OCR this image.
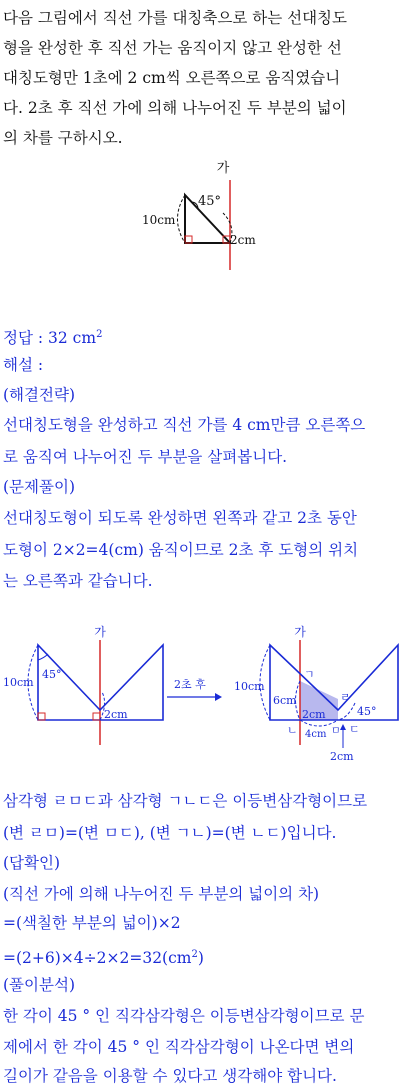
다음 그림에서 직선 가를 대칭축으로 하는 선대칭도
형을 완성한 후 직선 가는 움직이지 않고 완성한 선
대칭도형만 1초에 2 cm씩 오른쪽으로 움직였습니
다. 2초 후 직선 가에 의해 나누어진 두 부분의 넓이
의 차를 구하시오.
가
45°
10cm
2cm
정답 : 32 $cm^2$
해설 :
(해결전략)
선대칭도형을 완성하고 직선 가를 4 cm만큼 오른쪽으
로 움직여 나누어진 두 부분을 살펴봅니다.
(문제풀이)
선대칭도형이 되도록 완성하면 왼쪽과 같고 2초 동안
도형이 2×2=4(cm) 움직이므로 2초 후 도형의 위치
는 오른쪽과 같습니다.
가
10cm
45°
2cm
2초 후
가
10cm
6cm
2cm
4cm
45°
2cm
ㄱ
ㄹ
ㄴ	ㅁ ㄷ
삼각형 ㄹㅁㄷ과 삼각형 ㄱㄴㄷ은 이등변삼각형이므로
(변 ㄹㅁ)=(변 ㅁㄷ), (변 ㄱㄴ)=(변 ㄴㄷ)입니다.
(답확인)
(직선 가에 의해 나누어진 두 부분의 넓이의 차)
=(색칠한 부분의 넓이)×2
$=(2+6)\times 4\div 2\times 2=32(cm^2)$
(풀이분석)
한 각이 45 ° 인 직각삼각형은 이등변삼각형이므로 문
제에서 한 각이 45 ° 인 직각삼각형이 나온다면 변의
길이가 같음을 이용할 수 있다고 생각해야 합니다.
